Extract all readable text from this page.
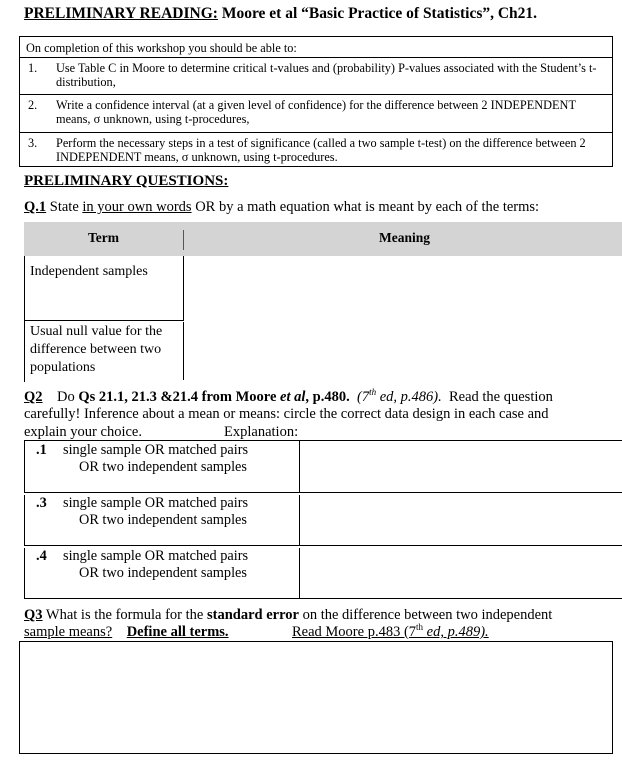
PRELIMINARY READING: Moore et al “Basic Practice of Statistics”, Ch21.
On completion of this workshop you should be able to:
1. Use Table C in Moore to determine critical t-values and (probability) P-values associated with the Student’s t-distribution,
2. Write a confidence interval (at a given level of confidence) for the difference between 2 INDEPENDENT means, σ unknown, using t-procedures,
3. Perform the necessary steps in a test of significance (called a two sample t-test) on the difference between 2 INDEPENDENT means, σ unknown, using t-procedures.
PRELIMINARY QUESTIONS:
Q.1 State in your own words OR by a math equation what is meant by each of the terms:
Term	Meaning
Independent samples
Usual null value for the difference between two populations
Q2 Do Qs 21.1, 21.3 &21.4 from Moore et al, p.480. (7th ed, p.486). Read the question
carefully! Inference about a mean or means: circle the correct data design in each case and
explain your choice.	Explanation:
.1 single sample OR matched pairs
OR two independent samples
.3 single sample OR matched pairs
OR two independent samples
.4 single sample OR matched pairs
OR two independent samples
Q3 What is the formula for the standard error on the difference between two independent
sample means? Define all terms.	Read Moore p.483 (7th ed, p.489).
